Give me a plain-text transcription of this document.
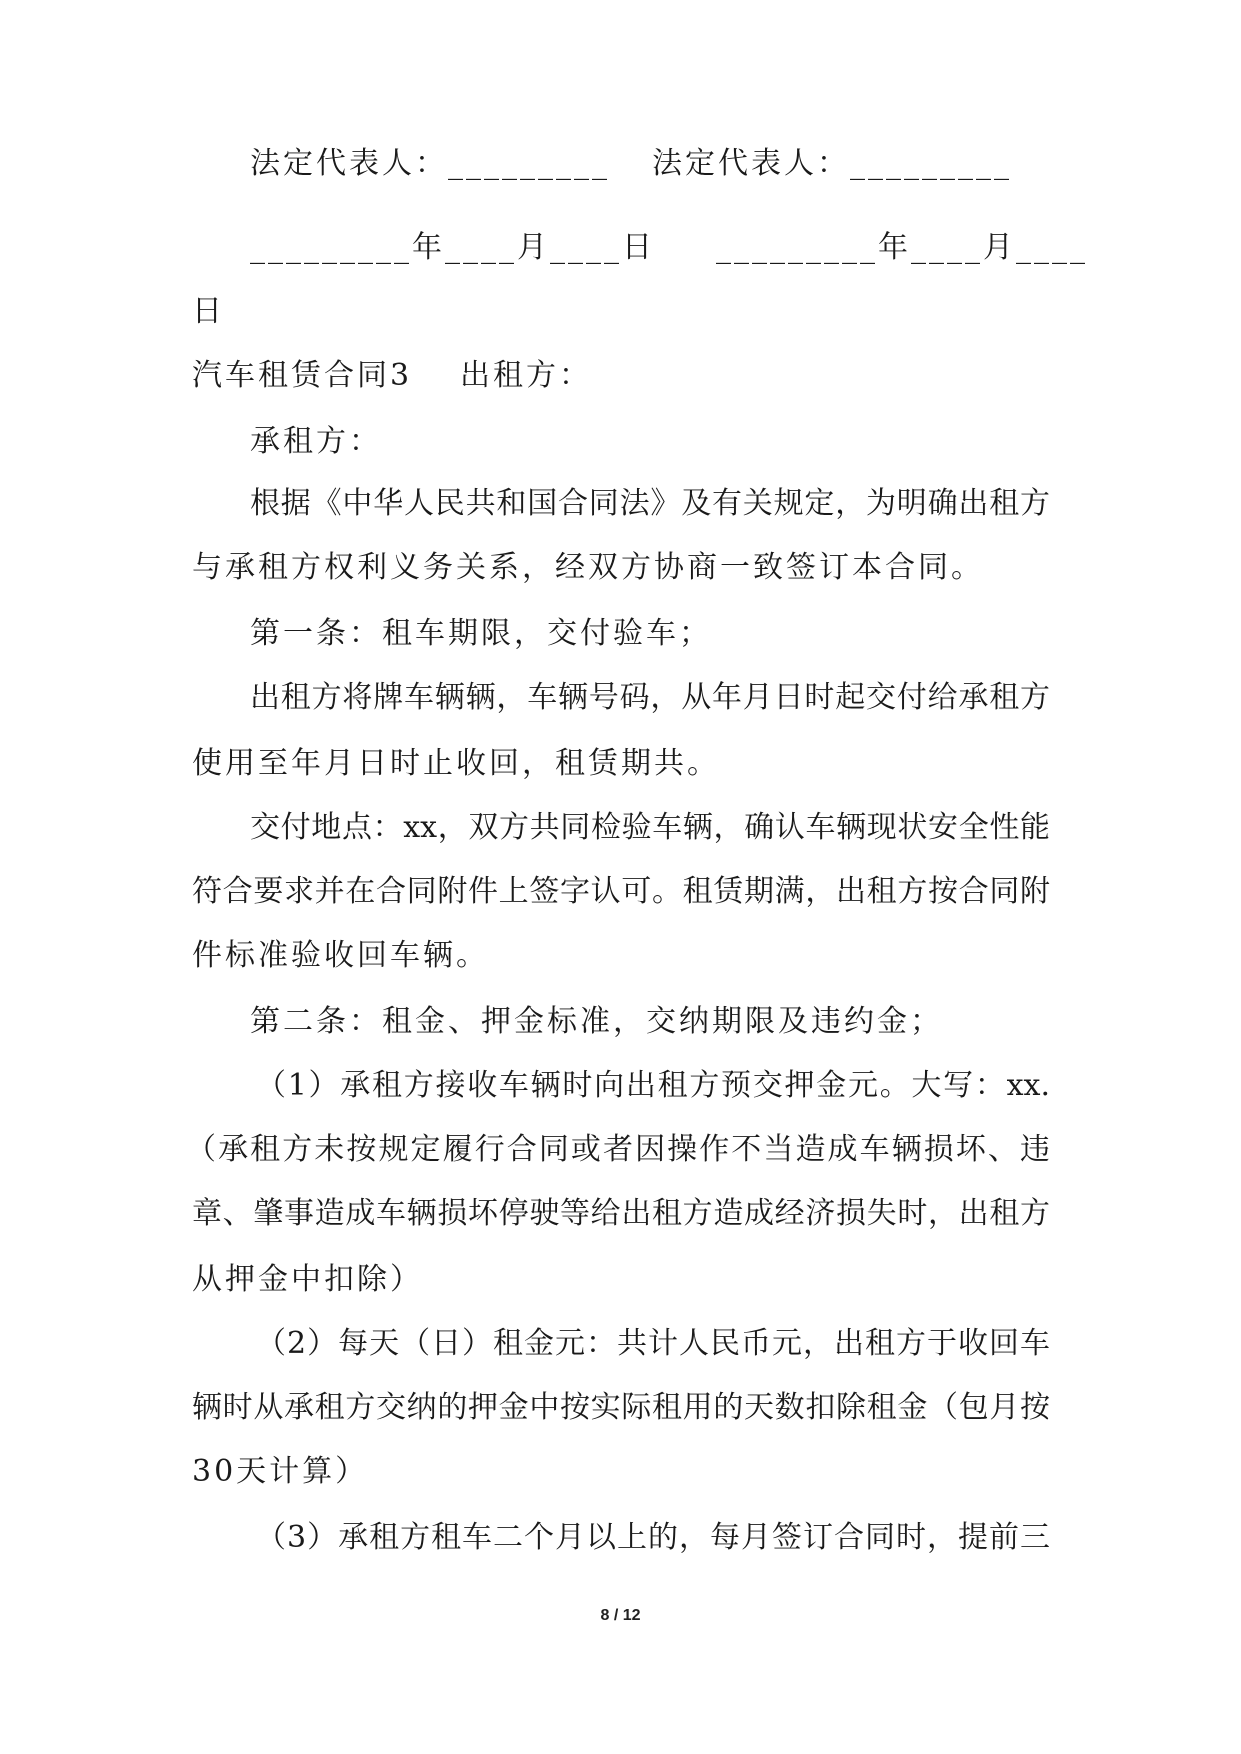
法定代表人：_________ 法定代表人：_________
_________年____月____日 _________年____月____
日
汽车租赁合同3 出租方：
承租方：
根据《中华人民共和国合同法》及有关规定，为明确出租方
与承租方权利义务关系，经双方协商一致签订本合同。
第一条：租车期限，交付验车；
出租方将牌车辆辆，车辆号码，从年月日时起交付给承租方
使用至年月日时止收回，租赁期共。
交付地点：xx，双方共同检验车辆，确认车辆现状安全性能
符合要求并在合同附件上签字认可。租赁期满，出租方按合同附
件标准验收回车辆。
第二条：租金、押金标准，交纳期限及违约金；
（1）承租方接收车辆时向出租方预交押金元。大写：xx.
（承租方未按规定履行合同或者因操作不当造成车辆损坏、违
章、肇事造成车辆损坏停驶等给出租方造成经济损失时，出租方
从押金中扣除）
（2）每天（日）租金元：共计人民币元，出租方于收回车
辆时从承租方交纳的押金中按实际租用的天数扣除租金（包月按
30天计算）
（3）承租方租车二个月以上的，每月签订合同时，提前三
8 / 12
